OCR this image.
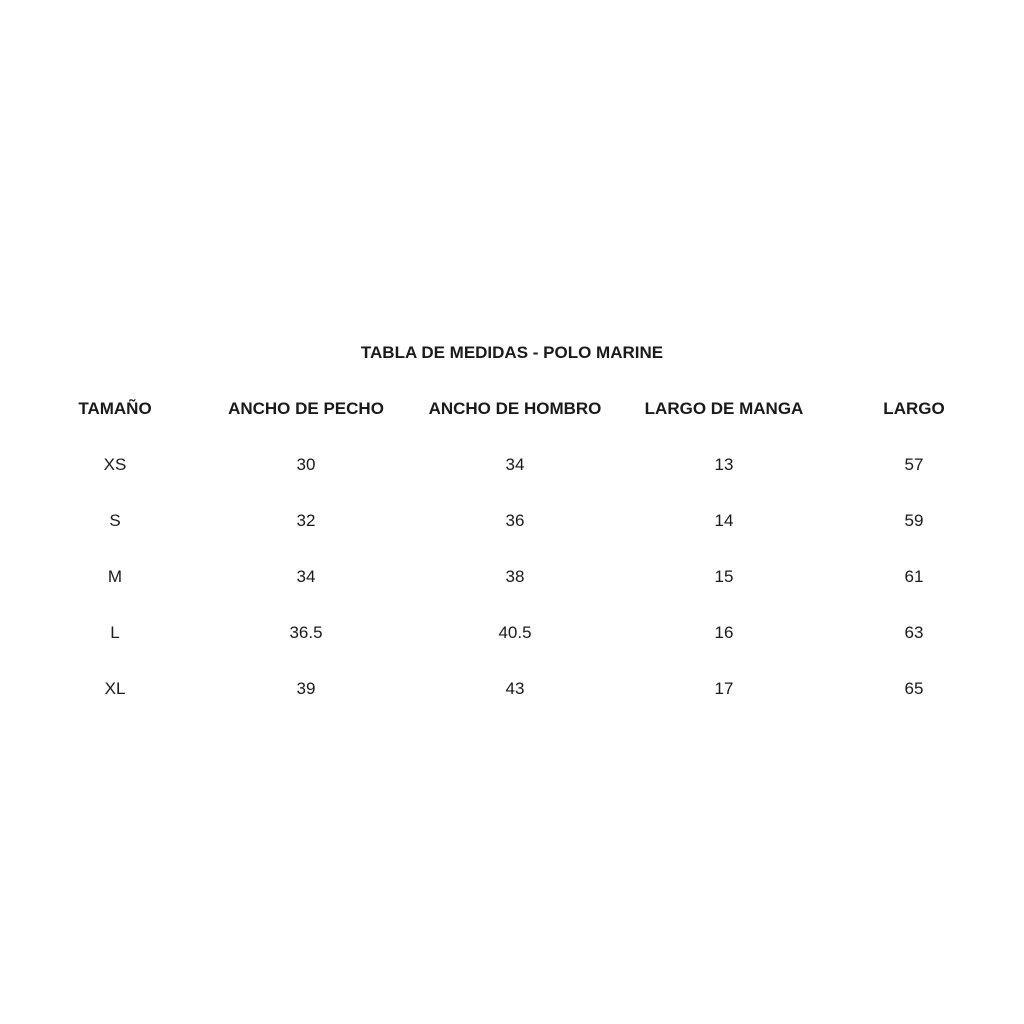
TABLA DE MEDIDAS - POLO MARINE
TAMAÑO	ANCHO DE PECHO	ANCHO DE HOMBRO	LARGO DE MANGA	LARGO
XS	30	34	13	57
S	32	36	14	59
M	34	38	15	61
L	36.5	40.5	16	63
XL	39	43	17	65
